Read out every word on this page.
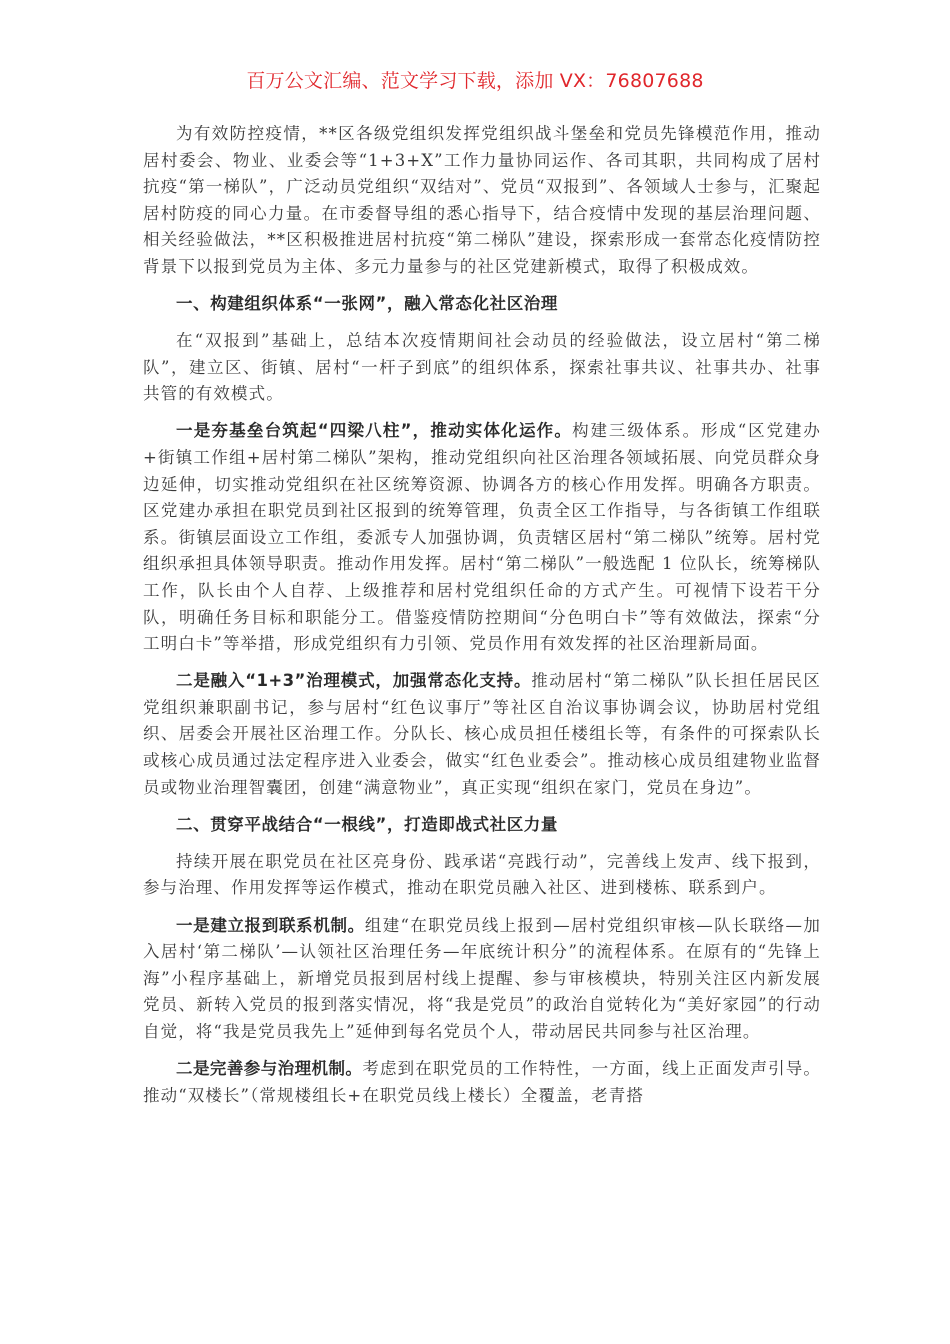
百万公文汇编、范文学习下载，添加 VX：76807688

为有效防控疫情，**区各级党组织发挥党组织战斗堡垒和党员先锋模范作用，推动居村委会、物业、业委会等“1+3+X”工作力量协同运作、各司其职，共同构成了居村抗疫“第一梯队”，广泛动员党组织“双结对”、党员“双报到”、各领域人士参与，汇聚起居村防疫的同心力量。在市委督导组的悉心指导下，结合疫情中发现的基层治理问题、相关经验做法，**区积极推进居村抗疫“第二梯队”建设，探索形成一套常态化疫情防控背景下以报到党员为主体、多元力量参与的社区党建新模式，取得了积极成效。

一、构建组织体系“一张网”，融入常态化社区治理

在“双报到”基础上，总结本次疫情期间社会动员的经验做法，设立居村“第二梯队”，建立区、街镇、居村“一杆子到底”的组织体系，探索社事共议、社事共办、社事共管的有效模式。

一是夯基垒台筑起“四梁八柱”，推动实体化运作。构建三级体系。形成“区党建办+街镇工作组+居村第二梯队”架构，推动党组织向社区治理各领域拓展、向党员群众身边延伸，切实推动党组织在社区统筹资源、协调各方的核心作用发挥。明确各方职责。区党建办承担在职党员到社区报到的统筹管理，负责全区工作指导，与各街镇工作组联系。街镇层面设立工作组，委派专人加强协调，负责辖区居村“第二梯队”统筹。居村党组织承担具体领导职责。推动作用发挥。居村“第二梯队”一般选配 1 位队长，统筹梯队工作，队长由个人自荐、上级推荐和居村党组织任命的方式产生。可视情下设若干分队，明确任务目标和职能分工。借鉴疫情防控期间“分色明白卡”等有效做法，探索“分工明白卡”等举措，形成党组织有力引领、党员作用有效发挥的社区治理新局面。

二是融入“1+3”治理模式，加强常态化支持。推动居村“第二梯队”队长担任居民区党组织兼职副书记，参与居村“红色议事厅”等社区自治议事协调会议，协助居村党组织、居委会开展社区治理工作。分队长、核心成员担任楼组长等，有条件的可探索队长或核心成员通过法定程序进入业委会，做实“红色业委会”。推动核心成员组建物业监督员或物业治理智囊团，创建“满意物业”，真正实现“组织在家门，党员在身边”。

二、贯穿平战结合“一根线”，打造即战式社区力量

持续开展在职党员在社区亮身份、践承诺“亮践行动”，完善线上发声、线下报到，参与治理、作用发挥等运作模式，推动在职党员融入社区、进到楼栋、联系到户。

一是建立报到联系机制。组建“在职党员线上报到—居村党组织审核—队长联络—加入居村‘第二梯队’—认领社区治理任务—年底统计积分”的流程体系。在原有的“先锋上海”小程序基础上，新增党员报到居村线上提醒、参与审核模块，特别关注区内新发展党员、新转入党员的报到落实情况，将“我是党员”的政治自觉转化为“美好家园”的行动自觉，将“我是党员我先上”延伸到每名党员个人，带动居民共同参与社区治理。

二是完善参与治理机制。考虑到在职党员的工作特性，一方面，线上正面发声引导。推动“双楼长”（常规楼组长+在职党员线上楼长）全覆盖，老青搭
